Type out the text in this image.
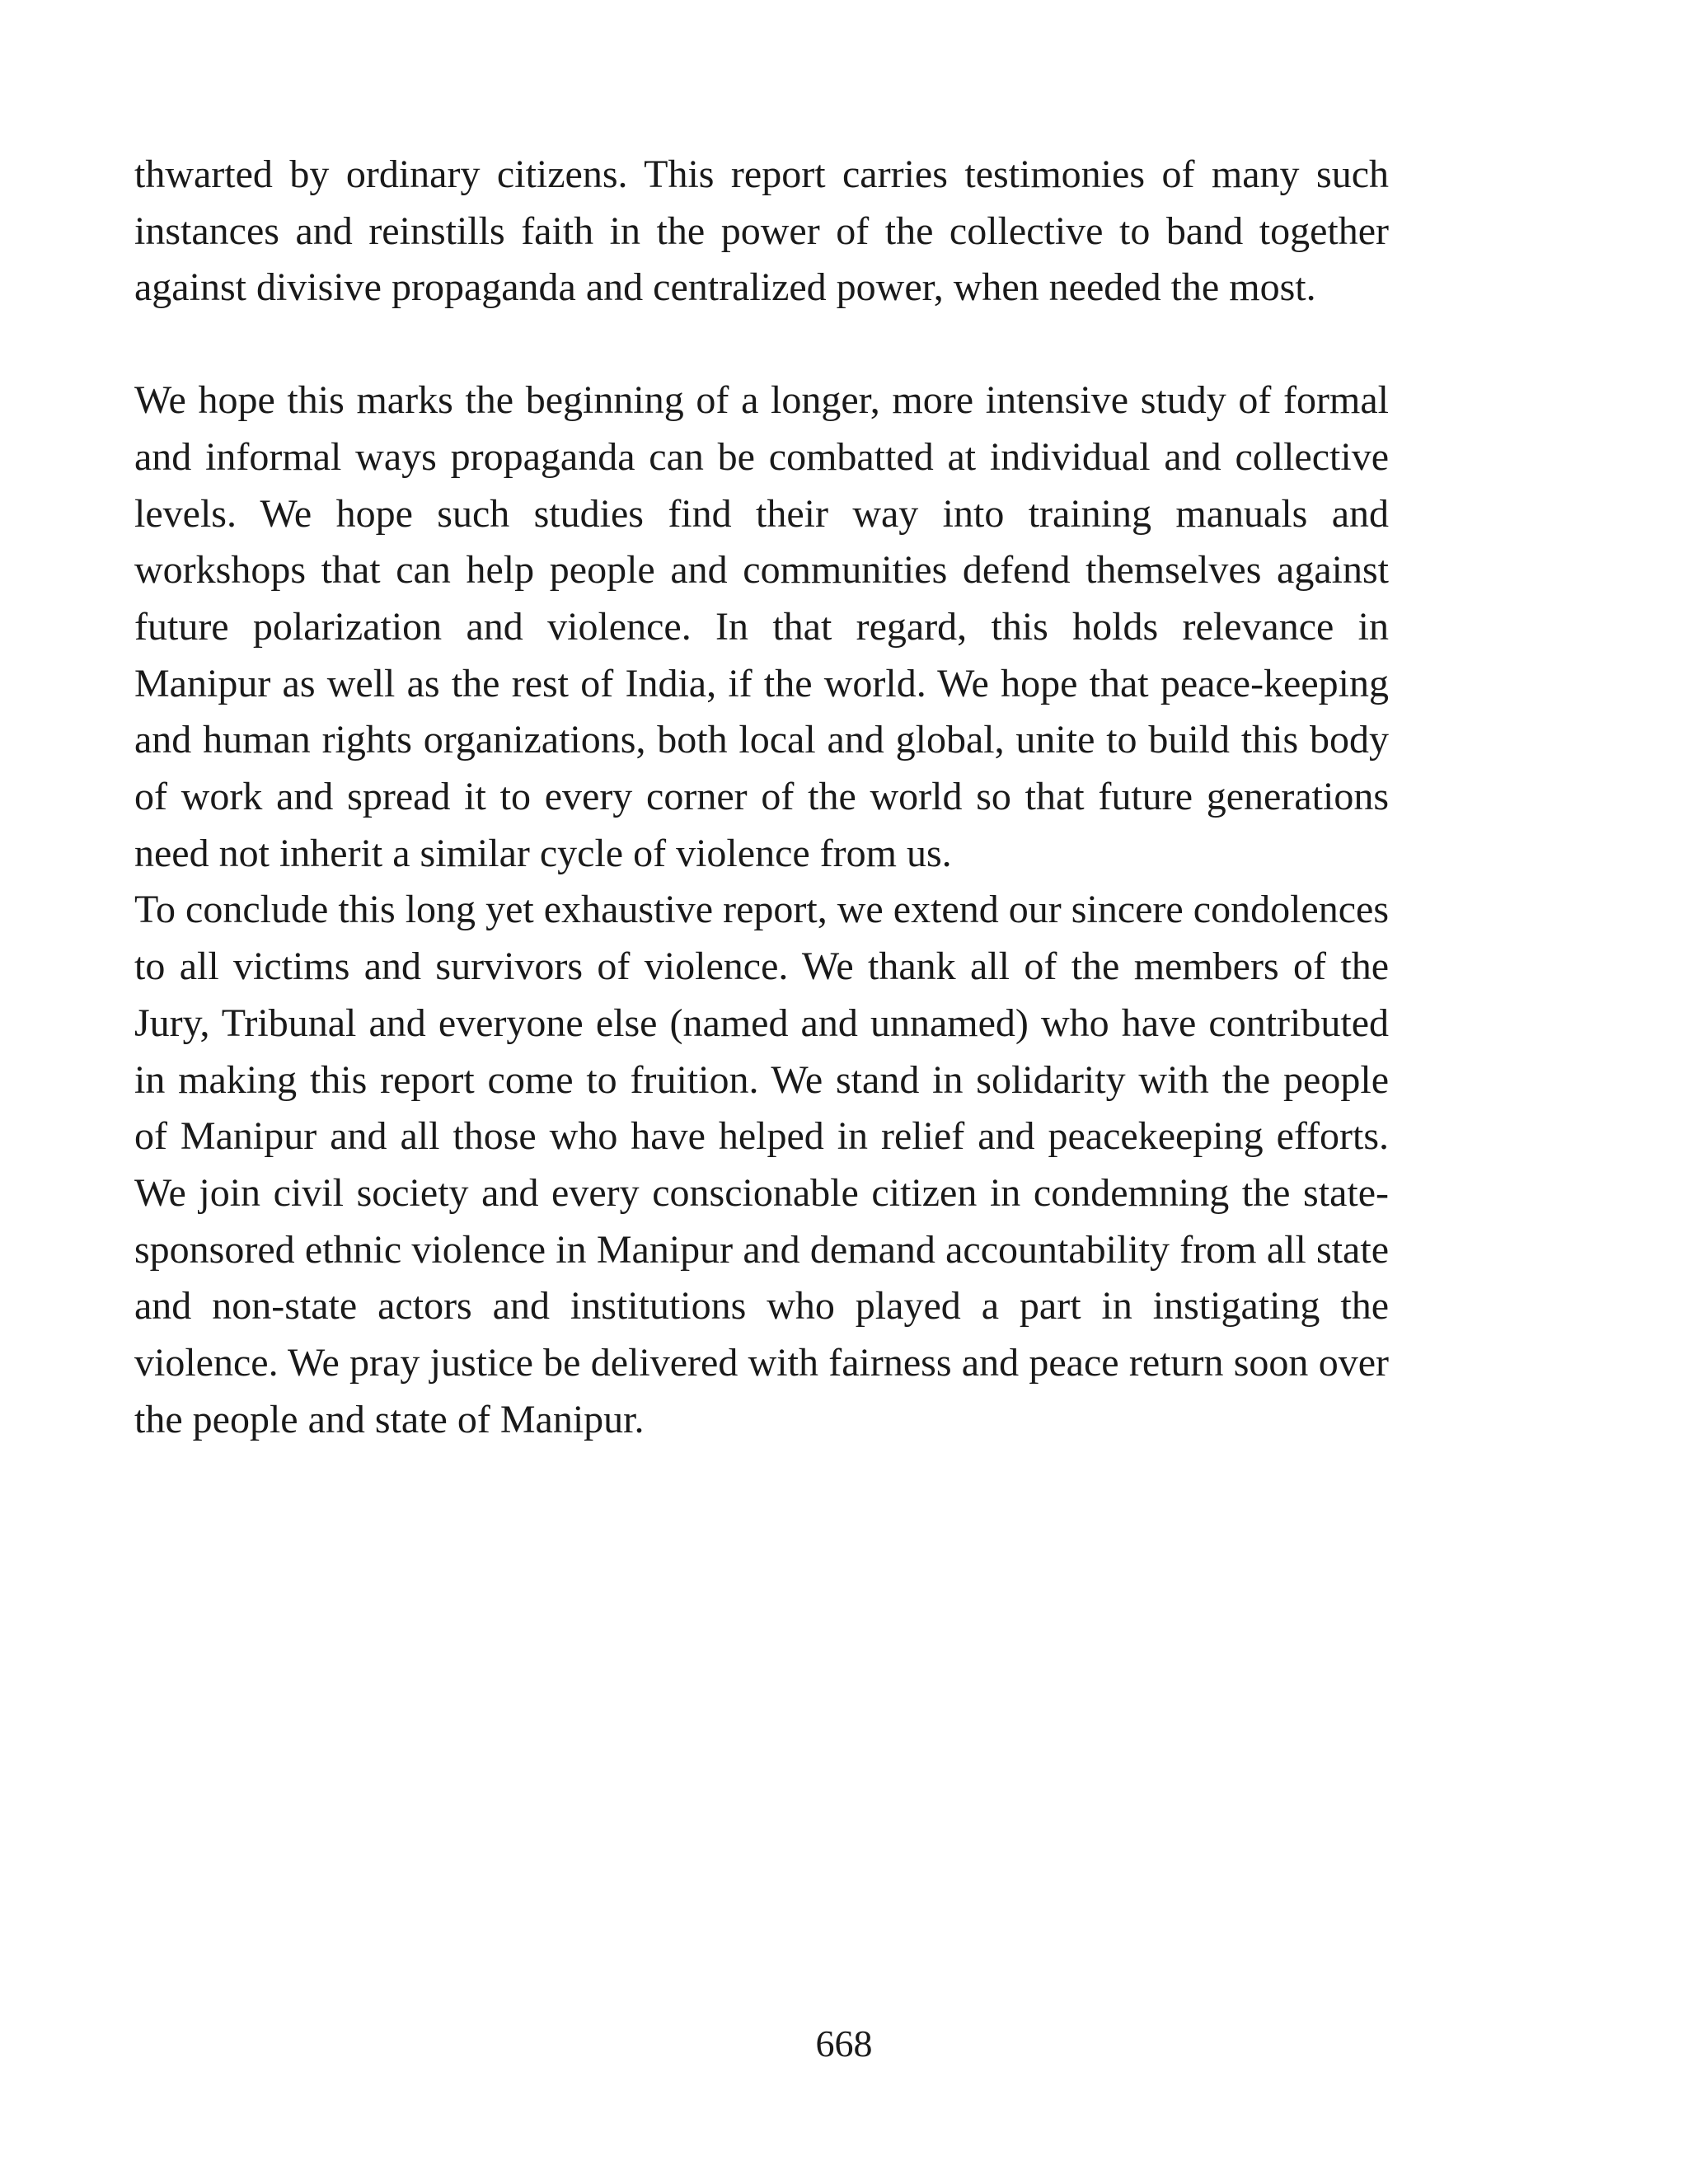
thwarted by ordinary citizens. This report carries testimonies of many such instances and reinstills faith in the power of the collective to band together against divisive propaganda and centralized power, when needed the most.

We hope this marks the beginning of a longer, more intensive study of formal and informal ways propaganda can be combatted at individual and collective levels. We hope such studies find their way into training manuals and workshops that can help people and communities defend themselves against future polarization and violence. In that regard, this holds relevance in Manipur as well as the rest of India, if the world. We hope that peace-keeping and human rights organizations, both local and global, unite to build this body of work and spread it to every corner of the world so that future generations need not inherit a similar cycle of violence from us.

To conclude this long yet exhaustive report, we extend our sincere condolences to all victims and survivors of violence. We thank all of the members of the Jury, Tribunal and everyone else (named and unnamed) who have contributed in making this report come to fruition. We stand in solidarity with the people of Manipur and all those who have helped in relief and peacekeeping efforts. We join civil society and every conscionable citizen in condemning the state-sponsored ethnic violence in Manipur and demand accountability from all state and non-state actors and institutions who played a part in instigating the violence. We pray justice be delivered with fairness and peace return soon over the people and state of Manipur.

668
